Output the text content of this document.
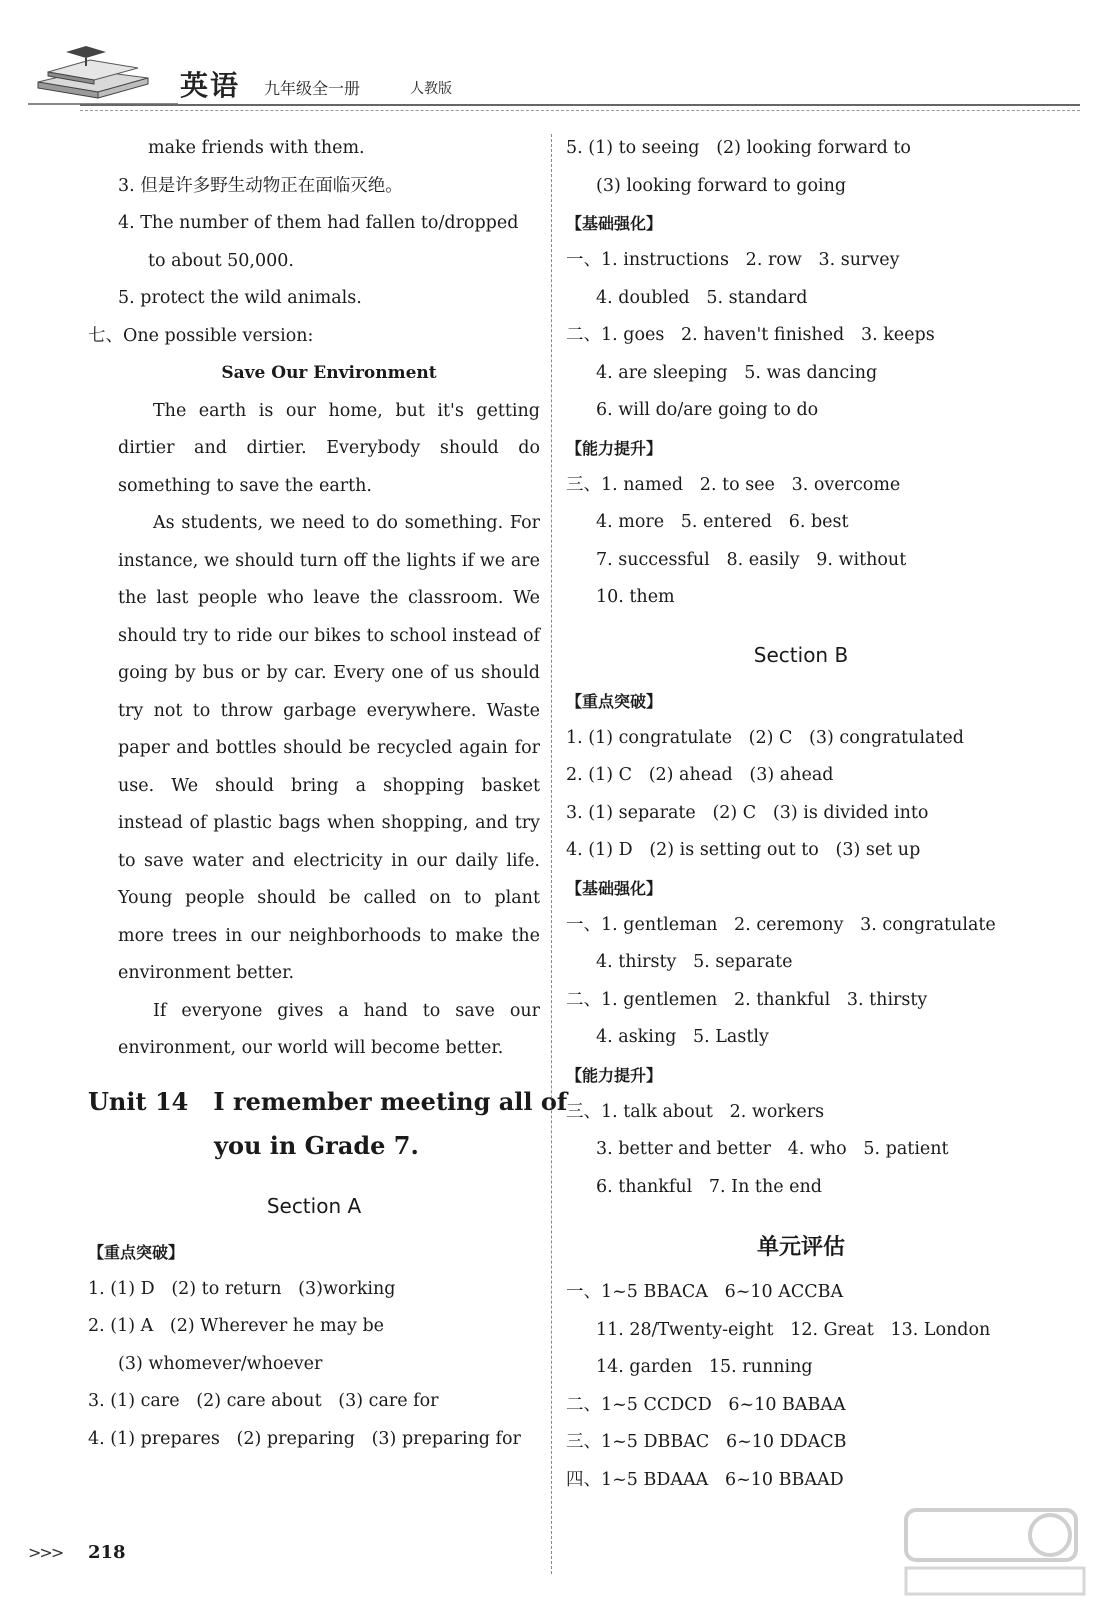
英语 九年级全一册	人教版
make friends with them.
3. 但是许多野生动物正在面临灭绝。
4. The number of them had fallen to/dropped
to about 50,000.
5. protect the wild animals.
七、One possible version:
Save Our Environment

The earth is our home, but it's getting dirtier and dirtier. Everybody should do something to save the earth.

As students, we need to do something. For instance, we should turn off the lights if we are the last people who leave the classroom. We should try to ride our bikes to school instead of going by bus or by car. Every one of us should try not to throw garbage everywhere. Waste paper and bottles should be recycled again for use. We should bring a shopping basket instead of plastic bags when shopping, and try to save water and electricity in our daily life. Young people should be called on to plant more trees in our neighborhoods to make the environment better.

If everyone gives a hand to save our environment, our world will become better.

Unit 14   I remember meeting all of
you in Grade 7.
Section A
【重点突破】
1. (1) D   (2) to return   (3)working
2. (1) A   (2) Wherever he may be
(3) whomever/whoever
3. (1) care   (2) care about   (3) care for
4. (1) prepares   (2) preparing   (3) preparing for
5. (1) to seeing   (2) looking forward to
(3) looking forward to going
【基础强化】
一、1. instructions   2. row   3. survey
4. doubled   5. standard
二、1. goes   2. haven't finished   3. keeps
4. are sleeping   5. was dancing
6. will do/are going to do
【能力提升】
三、1. named   2. to see   3. overcome
4. more   5. entered   6. best
7. successful   8. easily   9. without
10. them
Section B
【重点突破】
1. (1) congratulate   (2) C   (3) congratulated
2. (1) C   (2) ahead   (3) ahead
3. (1) separate   (2) C   (3) is divided into
4. (1) D   (2) is setting out to   (3) set up
【基础强化】
一、1. gentleman   2. ceremony   3. congratulate
4. thirsty   5. separate
二、1. gentlemen   2. thankful   3. thirsty
4. asking   5. Lastly
【能力提升】
三、1. talk about   2. workers
3. better and better   4. who   5. patient
6. thankful   7. In the end
单元评估
一、1~5 BBACA   6~10 ACCBA
11. 28/Twenty-eight   12. Great   13. London
14. garden   15. running
二、1~5 CCDCD   6~10 BABAA
三、1~5 DBBAC   6~10 DDACB
四、1~5 BDAAA   6~10 BBAAD
>>> 218
